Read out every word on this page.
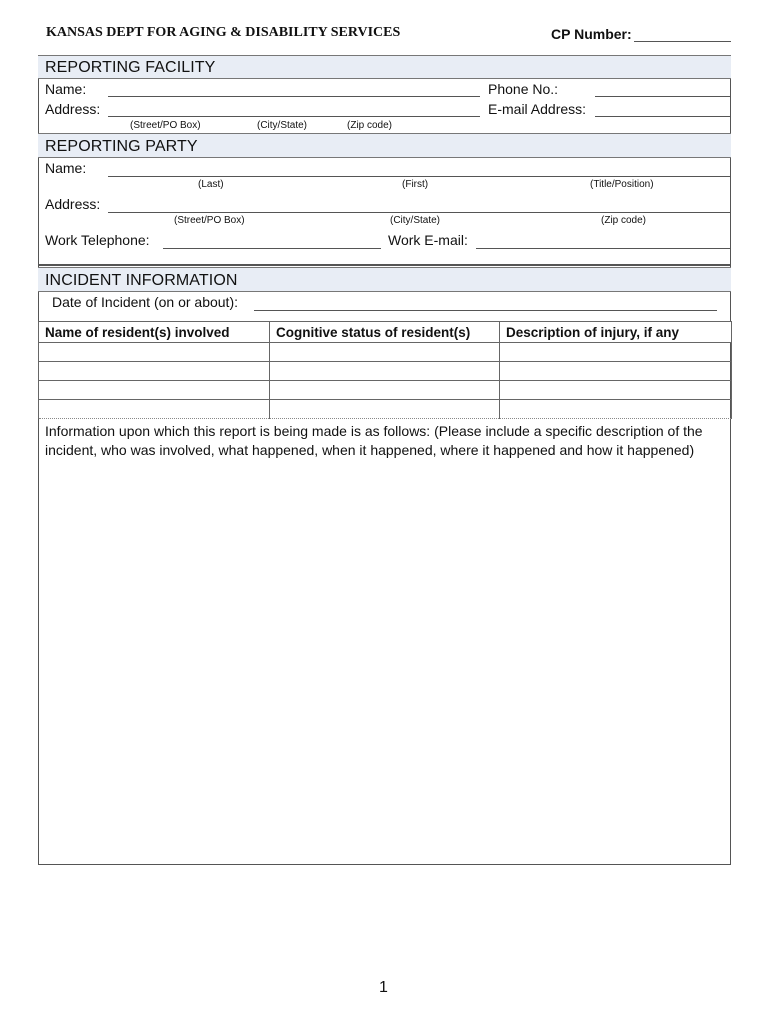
KANSAS DEPT FOR AGING & DISABILITY SERVICES	CP Number:
REPORTING FACILITY
Name:
Address:
Phone No.:
E-mail Address:
(Street/PO Box)	(City/State)	(Zip code)
REPORTING PARTY
Name:
(Last)	(First)	(Title/Position)
Address:
(Street/PO Box)	(City/State)	(Zip code)
Work Telephone:	Work E-mail:
INCIDENT INFORMATION
Date of Incident (on or about):
Name of resident(s) involved	Cognitive status of resident(s)	Description of injury, if any

Information upon which this report is being made is as follows: (Please include a specific description of the incident, who was involved, what happened, when it happened, where it happened and how it happened)
1
